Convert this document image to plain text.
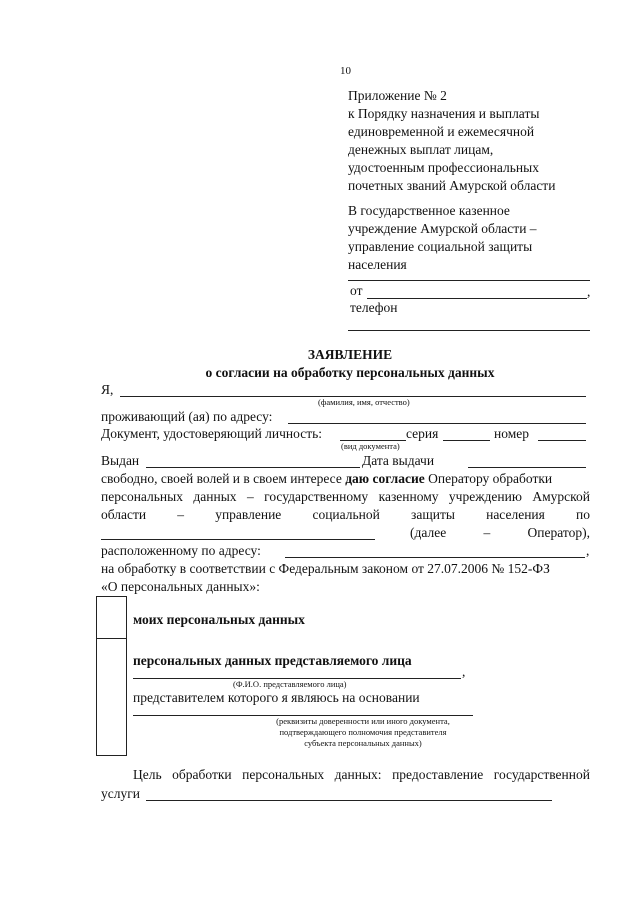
10
Приложение № 2
к Порядку назначения и выплаты
единовременной и ежемесячной
денежных выплат лицам,
удостоенным профессиональных
почетных званий Амурской области
В государственное казенное
учреждение Амурской области –
управление социальной защиты
населения
от	,
телефон
ЗАЯВЛЕНИЕ
о согласии на обработку персональных данных
Я,
(фамилия, имя, отчество)
проживающий (ая) по адресу:
Документ, удостоверяющий личность:	серия	номер
(вид документа)
Выдан	Дата выдачи
свободно, своей волей и в своем интересе даю согласие Оператору обработки
персональных данных – государственному казенному учреждению Амурской
области – управление социальной защиты населения по
(далее	–	Оператор),
расположенному по адресу:	,
на обработку в соответствии с Федеральным законом от 27.07.2006 № 152-ФЗ
«О персональных данных»:
моих персональных данных
персональных данных представляемого лица
,
(Ф.И.О. представляемого лица)
представителем которого я являюсь на основании
(реквизиты доверенности или иного документа,
подтверждающего полномочия представителя
субъекта персональных данных)
Цель обработки персональных данных: предоставление государственной
услуги
